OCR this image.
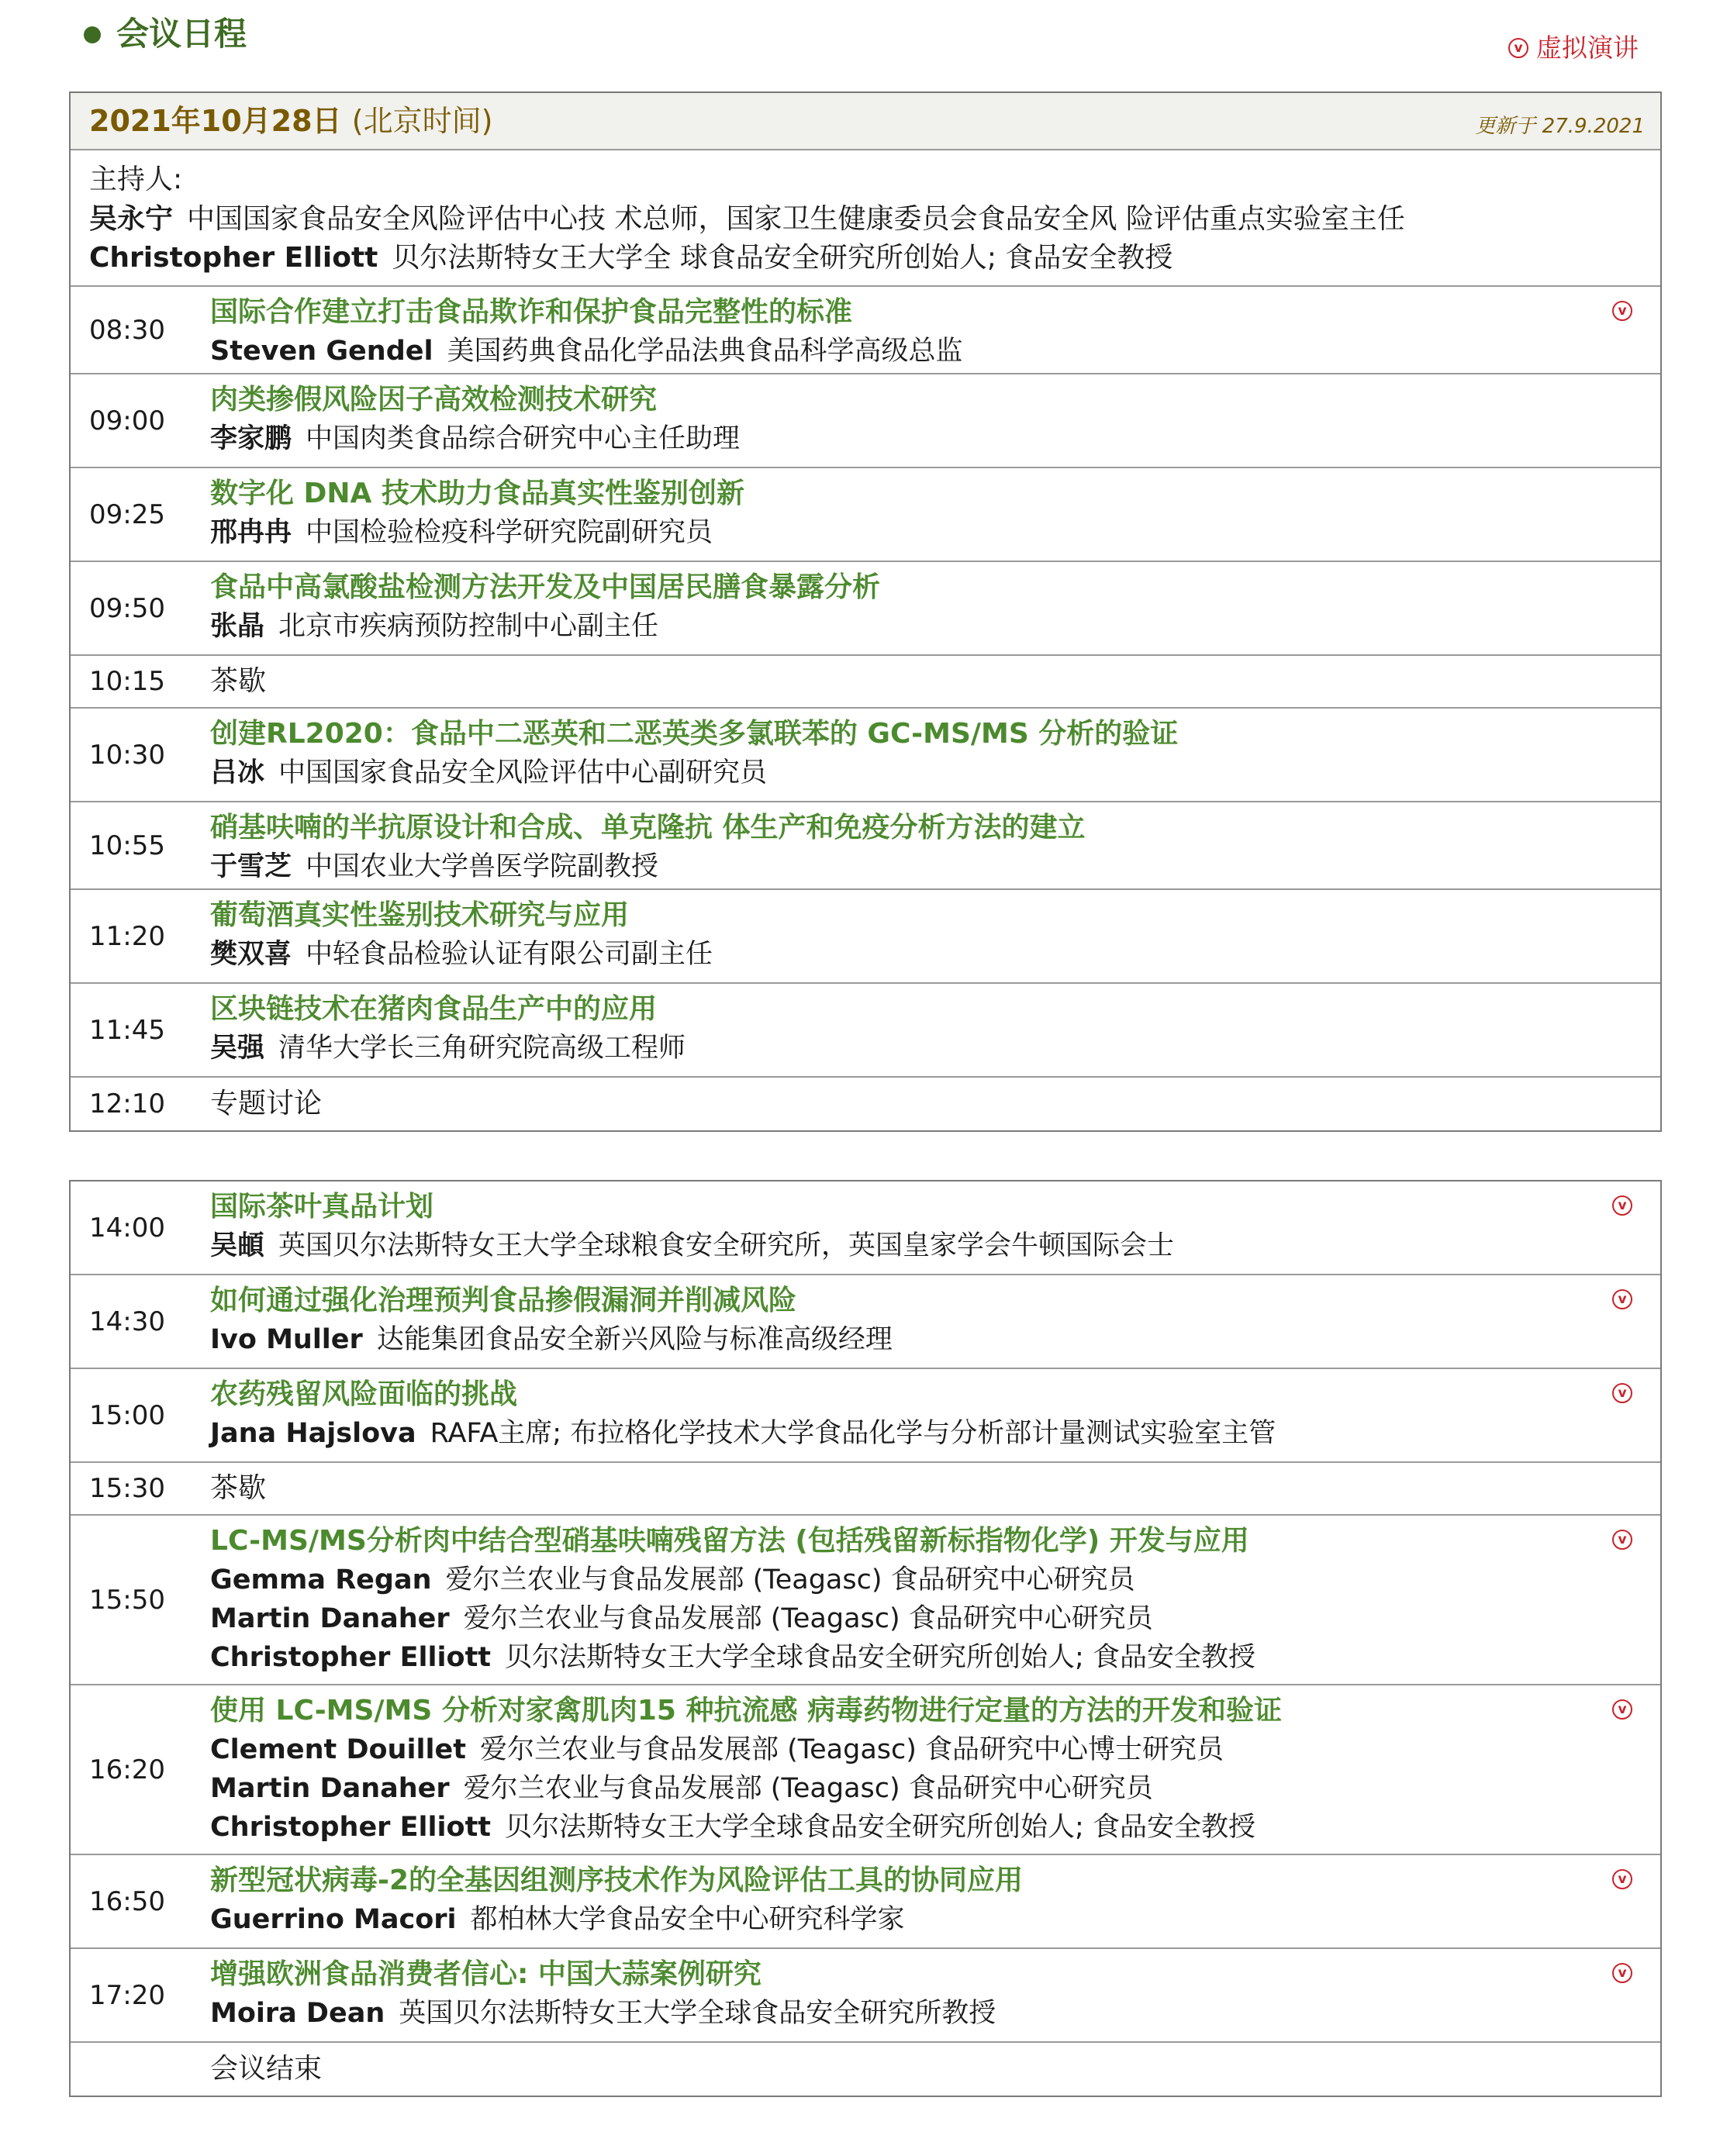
会议日程	v 虚拟演讲
2021年10月28日 (北京时间)	更新于 27.9.2021
主持人:
吴永宁 中国国家食品安全风险评估中心技 术总师，国家卫生健康委员会食品安全风 险评估重点实验室主任
Christopher Elliott 贝尔法斯特女王大学全 球食品安全研究所创始人; 食品安全教授
08:30
国际合作建立打击食品欺诈和保护食品完整性的标准
Steven Gendel 美国药典食品化学品法典食品科学高级总监
v
09:00
肉类掺假风险因子高效检测技术研究
李家鹏 中国肉类食品综合研究中心主任助理
09:25
数字化 DNA 技术助力食品真实性鉴别创新
邢冉冉 中国检验检疫科学研究院副研究员
09:50
食品中高氯酸盐检测方法开发及中国居民膳食暴露分析
张晶 北京市疾病预防控制中心副主任
10:15 茶歇
10:30
创建RL2020：食品中二恶英和二恶英类多氯联苯的 GC-MS/MS 分析的验证
吕冰 中国国家食品安全风险评估中心副研究员
10:55
硝基呋喃的半抗原设计和合成、单克隆抗 体生产和免疫分析方法的建立
于雪芝 中国农业大学兽医学院副教授
11:20
葡萄酒真实性鉴别技术研究与应用
樊双喜 中轻食品检验认证有限公司副主任
11:45
区块链技术在猪肉食品生产中的应用
吴强 清华大学长三角研究院高级工程师
12:10 专题讨论
14:00
国际茶叶真品计划
吴頔 英国贝尔法斯特女王大学全球粮食安全研究所，英国皇家学会牛顿国际会士
v
14:30
如何通过强化治理预判食品掺假漏洞并削减风险
Ivo Muller 达能集团食品安全新兴风险与标准高级经理
v
15:00
农药残留风险面临的挑战
Jana Hajslova RAFA主席; 布拉格化学技术大学食品化学与分析部计量测试实验室主管
v
15:30 茶歇
15:50
LC-MS/MS分析肉中结合型硝基呋喃残留方法 (包括残留新标指物化学) 开发与应用
Gemma Regan 爱尔兰农业与食品发展部 (Teagasc) 食品研究中心研究员
Martin Danaher 爱尔兰农业与食品发展部 (Teagasc) 食品研究中心研究员
Christopher Elliott 贝尔法斯特女王大学全球食品安全研究所创始人; 食品安全教授
v
16:20
使用 LC-MS/MS 分析对家禽肌肉15 种抗流感 病毒药物进行定量的方法的开发和验证
Clement Douillet 爱尔兰农业与食品发展部 (Teagasc) 食品研究中心博士研究员
Martin Danaher 爱尔兰农业与食品发展部 (Teagasc) 食品研究中心研究员
Christopher Elliott 贝尔法斯特女王大学全球食品安全研究所创始人; 食品安全教授
v
16:50
新型冠状病毒-2的全基因组测序技术作为风险评估工具的协同应用
Guerrino Macori 都柏林大学食品安全中心研究科学家
v
17:20
增强欧洲食品消费者信心: 中国大蒜案例研究
Moira Dean 英国贝尔法斯特女王大学全球食品安全研究所教授
v
会议结束
